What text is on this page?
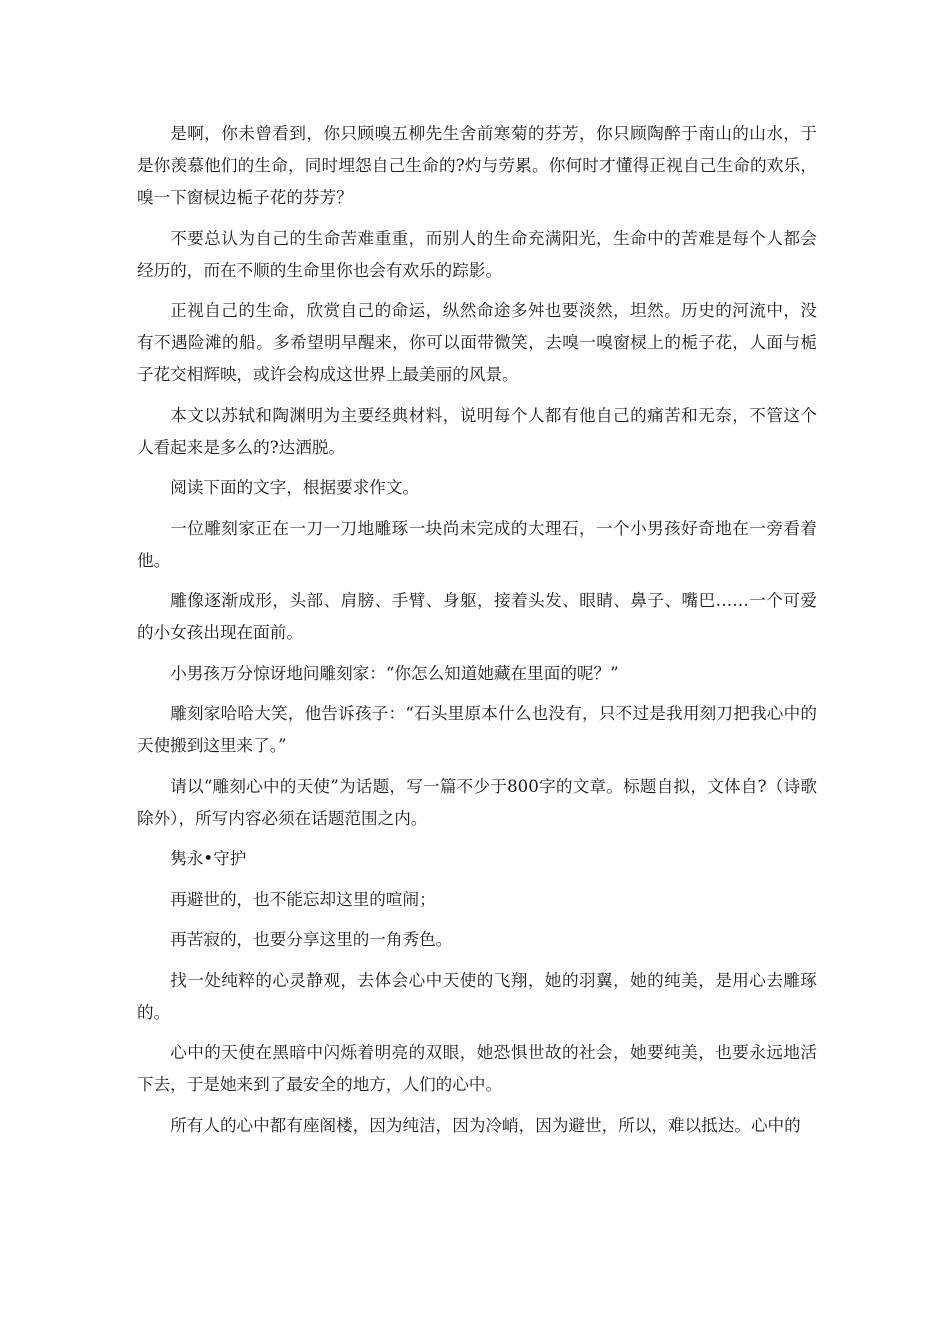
是啊，你未曾看到，你只顾嗅五柳先生舍前寒菊的芬芳，你只顾陶醉于南山的山水，于是你羡慕他们的生命，同时埋怨自己生命的?灼与劳累。你何时才懂得正视自己生命的欢乐，嗅一下窗棂边栀子花的芬芳？

不要总认为自己的生命苦难重重，而别人的生命充满阳光，生命中的苦难是每个人都会经历的，而在不顺的生命里你也会有欢乐的踪影。

正视自己的生命，欣赏自己的命运，纵然命途多舛也要淡然，坦然。历史的河流中，没有不遇险滩的船。多希望明早醒来，你可以面带微笑，去嗅一嗅窗棂上的栀子花，人面与栀子花交相辉映，或许会构成这世界上最美丽的风景。

本文以苏轼和陶渊明为主要经典材料，说明每个人都有他自己的痛苦和无奈，不管这个人看起来是多么的?达洒脱。

阅读下面的文字，根据要求作文。

一位雕刻家正在一刀一刀地雕琢一块尚未完成的大理石，一个小男孩好奇地在一旁看着他。

雕像逐渐成形，头部、肩膀、手臂、身躯，接着头发、眼睛、鼻子、嘴巴……一个可爱的小女孩出现在面前。

小男孩万分惊讶地问雕刻家：“你怎么知道她藏在里面的呢？”

雕刻家哈哈大笑，他告诉孩子：“石头里原本什么也没有，只不过是我用刻刀把我心中的天使搬到这里来了。”

请以“雕刻心中的天使”为话题，写一篇不少于800字的文章。标题自拟，文体自?（诗歌除外），所写内容必须在话题范围之内。

隽永•守护

再避世的，也不能忘却这里的喧闹；

再苦寂的，也要分享这里的一角秀色。

找一处纯粹的心灵静观，去体会心中天使的飞翔，她的羽翼，她的纯美，是用心去雕琢的。

心中的天使在黑暗中闪烁着明亮的双眼，她恐惧世故的社会，她要纯美，也要永远地活下去，于是她来到了最安全的地方，人们的心中。

所有人的心中都有座阁楼，因为纯洁，因为冷峭，因为避世，所以，难以抵达。心中的
